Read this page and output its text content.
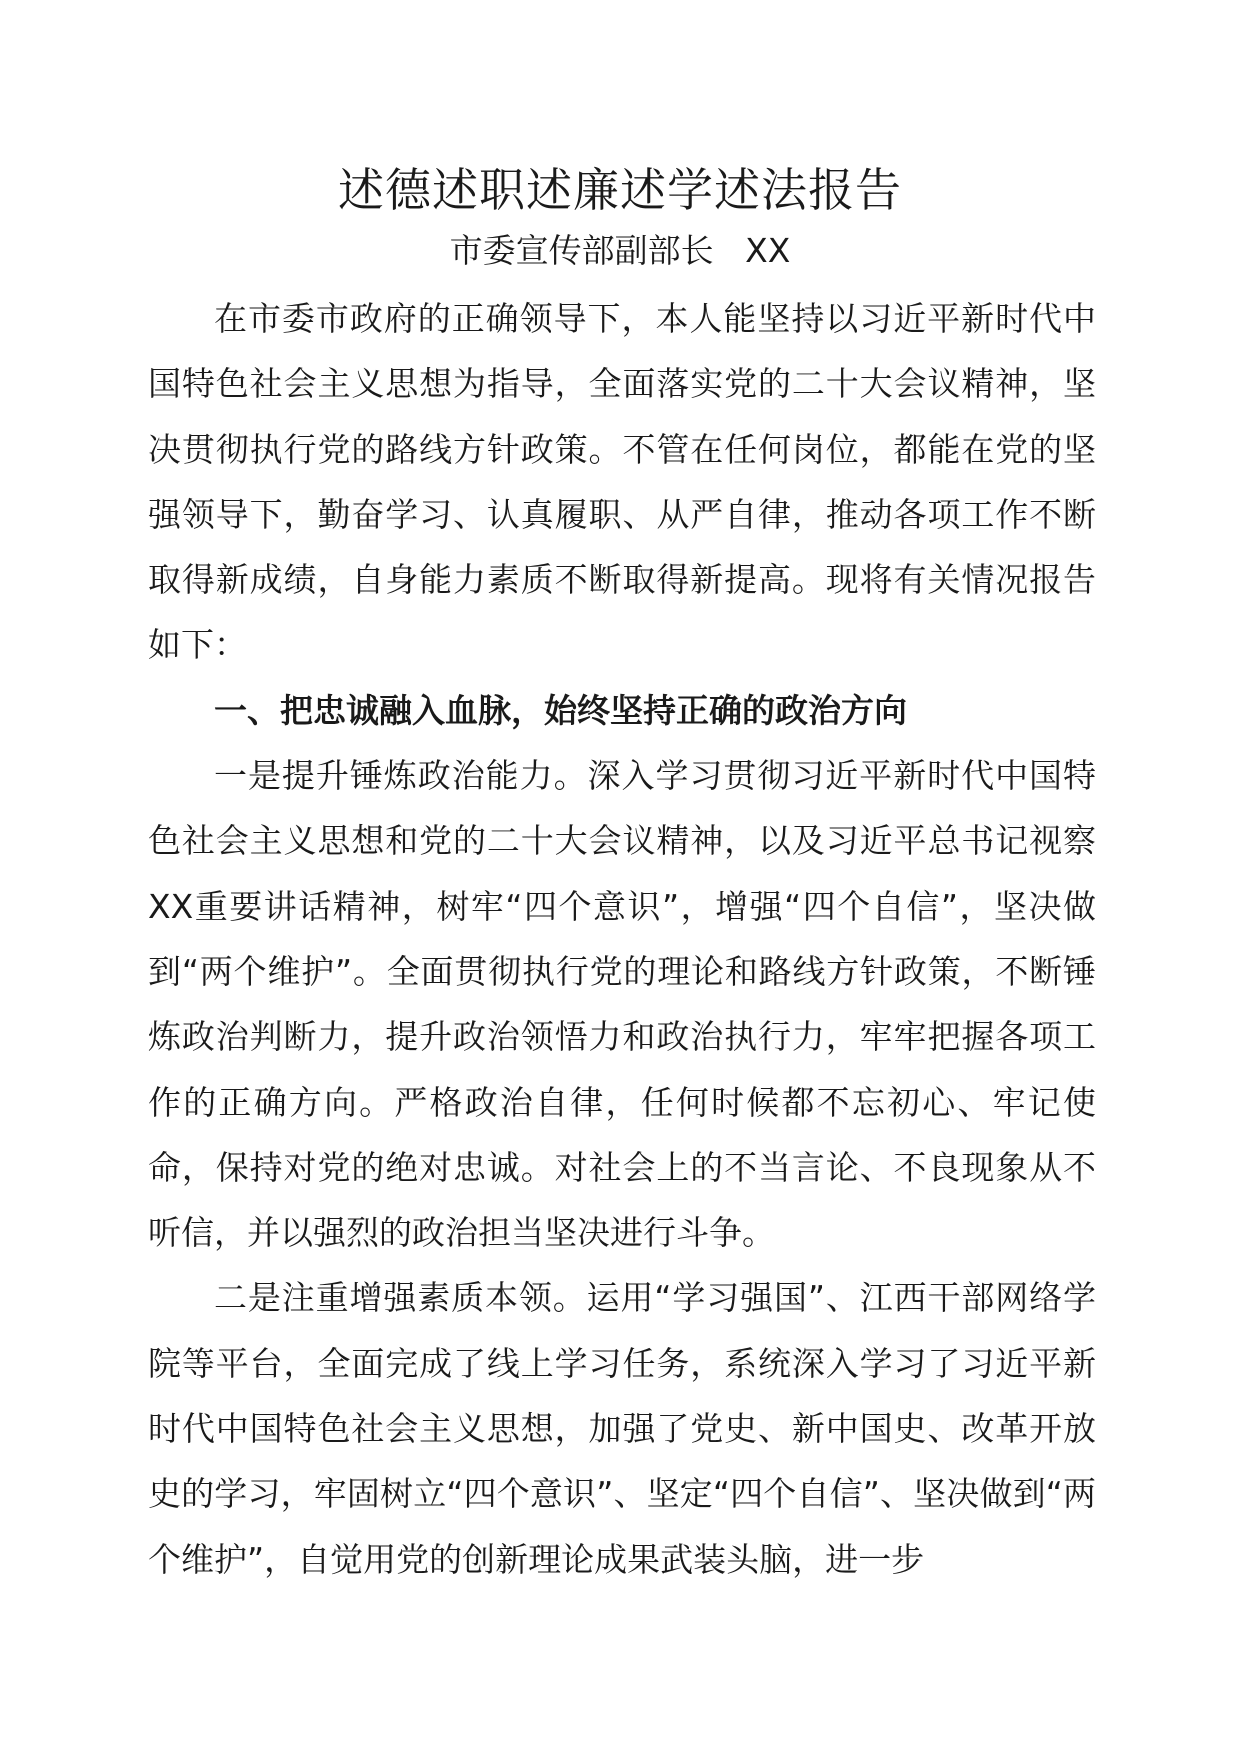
述德述职述廉述学述法报告

市委宣传部副部长   XX

在市委市政府的正确领导下，本人能坚持以习近平新时代中国特色社会主义思想为指导，全面落实党的二十大会议精神，坚决贯彻执行党的路线方针政策。不管在任何岗位，都能在党的坚强领导下，勤奋学习、认真履职、从严自律，推动各项工作不断取得新成绩，自身能力素质不断取得新提高。现将有关情况报告如下：

一、把忠诚融入血脉，始终坚持正确的政治方向

一是提升锤炼政治能力。深入学习贯彻习近平新时代中国特色社会主义思想和党的二十大会议精神，以及习近平总书记视察XX重要讲话精神，树牢“四个意识”，增强“四个自信”，坚决做到“两个维护”。全面贯彻执行党的理论和路线方针政策，不断锤炼政治判断力，提升政治领悟力和政治执行力，牢牢把握各项工作的正确方向。严格政治自律，任何时候都不忘初心、牢记使命，保持对党的绝对忠诚。对社会上的不当言论、不良现象从不听信，并以强烈的政治担当坚决进行斗争。

二是注重增强素质本领。运用“学习强国”、江西干部网络学院等平台，全面完成了线上学习任务，系统深入学习了习近平新时代中国特色社会主义思想，加强了党史、新中国史、改革开放史的学习，牢固树立“四个意识”、坚定“四个自信”、坚决做到“两个维护”，自觉用党的创新理论成果武装头脑，进一步
